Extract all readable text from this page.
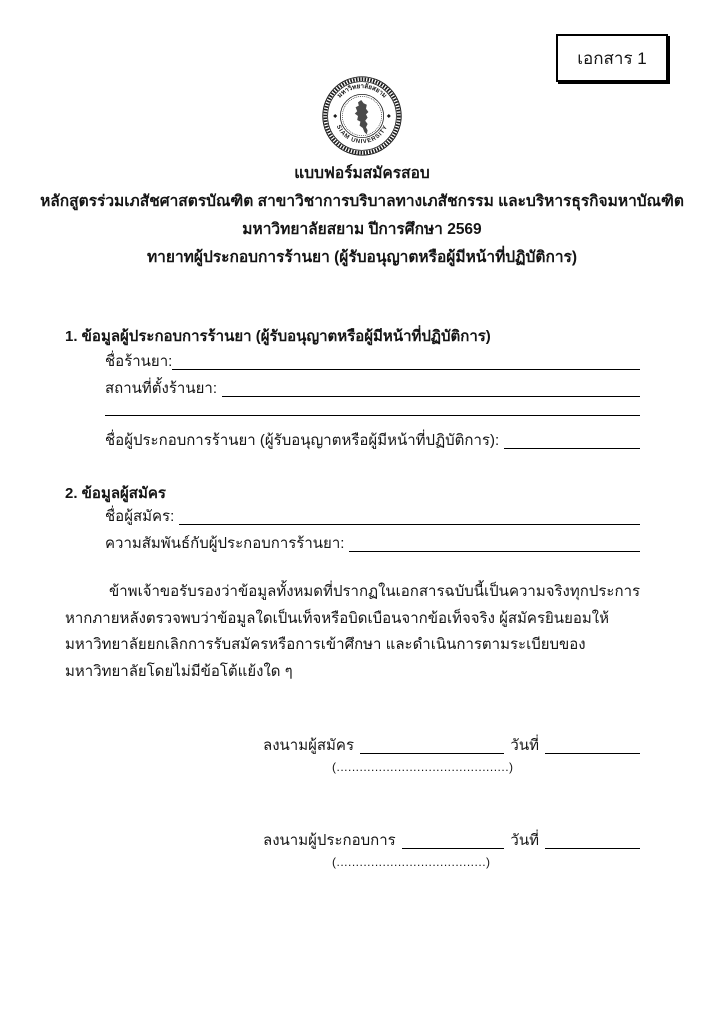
เอกสาร 1
มหาวิทยาลัยสยาม
SIAM UNIVERSITY
แบบฟอร์มสมัครสอบ
หลักสูตรร่วมเภสัชศาสตรบัณฑิต สาขาวิชาการบริบาลทางเภสัชกรรม และบริหารธุรกิจมหาบัณฑิต
มหาวิทยาลัยสยาม ปีการศึกษา 2569
ทายาทผู้ประกอบการร้านยา (ผู้รับอนุญาตหรือผู้มีหน้าที่ปฏิบัติการ)
1. ข้อมูลผู้ประกอบการร้านยา (ผู้รับอนุญาตหรือผู้มีหน้าที่ปฏิบัติการ)
ชื่อร้านยา:
สถานที่ตั้งร้านยา:
ชื่อผู้ประกอบการร้านยา (ผู้รับอนุญาตหรือผู้มีหน้าที่ปฏิบัติการ):
2. ข้อมูลผู้สมัคร
ชื่อผู้สมัคร:
ความสัมพันธ์กับผู้ประกอบการร้านยา:
ข้าพเจ้าขอรับรองว่าข้อมูลทั้งหมดที่ปรากฏในเอกสารฉบับนี้เป็นความจริงทุกประการ หากภายหลังตรวจพบว่าข้อมูลใดเป็นเท็จหรือบิดเบือนจากข้อเท็จจริง ผู้สมัครยินยอมให้มหาวิทยาลัยยกเลิกการรับสมัครหรือการเข้าศึกษา และดำเนินการตามระเบียบของมหาวิทยาลัยโดยไม่มีข้อโต้แย้งใด ๆ
ลงนามผู้สมัคร	วันที่
(.............................................)
ลงนามผู้ประกอบการ	วันที่
(.......................................)
